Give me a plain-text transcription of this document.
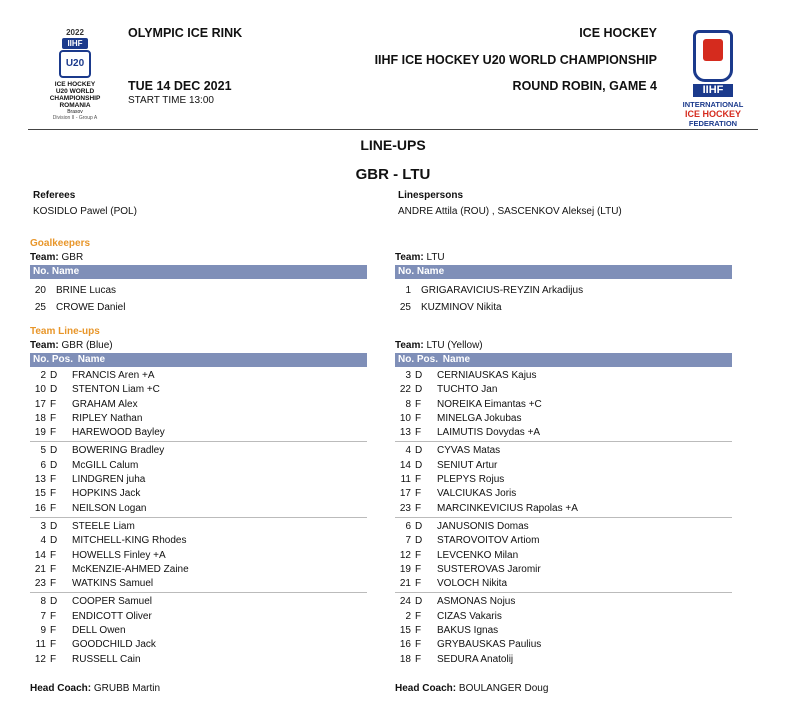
2022
IIHF
U20
ICE HOCKEY
U20 WORLD
CHAMPIONSHIP
ROMANIA
Brasov
Division II - Group A
OLYMPIC ICE RINK
TUE 14 DEC 2021
START TIME 13:00
ICE HOCKEY
IIHF ICE HOCKEY U20 WORLD CHAMPIONSHIP
ROUND ROBIN, GAME 4	IIHF
INTERNATIONAL
ICE HOCKEY
FEDERATION
LINE-UPS
GBR - LTU
Referees
KOSIDLO Pawel (POL)
Linespersons
ANDRE Attila (ROU) , SASCENKOV Aleksej (LTU)
Goalkeepers
Team: GBR
No. Name
20 BRINE Lucas
25 CROWE Daniel
Team: LTU
No. Name
1 GRIGARAVICIUS-REYZIN Arkadijus
25 KUZMINOV Nikita
Team Line-ups
Team: GBR (Blue)
No. Pos. Name
2 D FRANCIS Aren +A
10 D STENTON Liam +C
17 F GRAHAM Alex
18 F RIPLEY Nathan
19 F HAREWOOD Bayley
5 D BOWERING Bradley
6 D McGILL Calum
13 F LINDGREN juha
15 F HOPKINS Jack
16 F NEILSON Logan
3 D STEELE Liam
4 D MITCHELL-KING Rhodes
14 F HOWELLS Finley +A
21 F McKENZIE-AHMED Zaine
23 F WATKINS Samuel
8 D COOPER Samuel
7 F ENDICOTT Oliver
9 F DELL Owen
11 F GOODCHILD Jack
12 F RUSSELL Cain
Team: LTU (Yellow)
No. Pos. Name
3 D CERNIAUSKAS Kajus
22 D TUCHTO Jan
8 F NOREIKA Eimantas +C
10 F MINELGA Jokubas
13 F LAIMUTIS Dovydas +A
4 D CYVAS Matas
14 D SENIUT Artur
11 F PLEPYS Rojus
17 F VALCIUKAS Joris
23 F MARCINKEVICIUS Rapolas +A
6 D JANUSONIS Domas
7 D STAROVOITOV Artiom
12 F LEVCENKO Milan
19 F SUSTEROVAS Jaromir
21 F VOLOCH Nikita
24 D ASMONAS Nojus
2 F CIZAS Vakaris
15 F BAKUS Ignas
16 F GRYBAUSKAS Paulius
18 F SEDURA Anatolij
Head Coach: GRUBB Martin	Head Coach: BOULANGER Doug
